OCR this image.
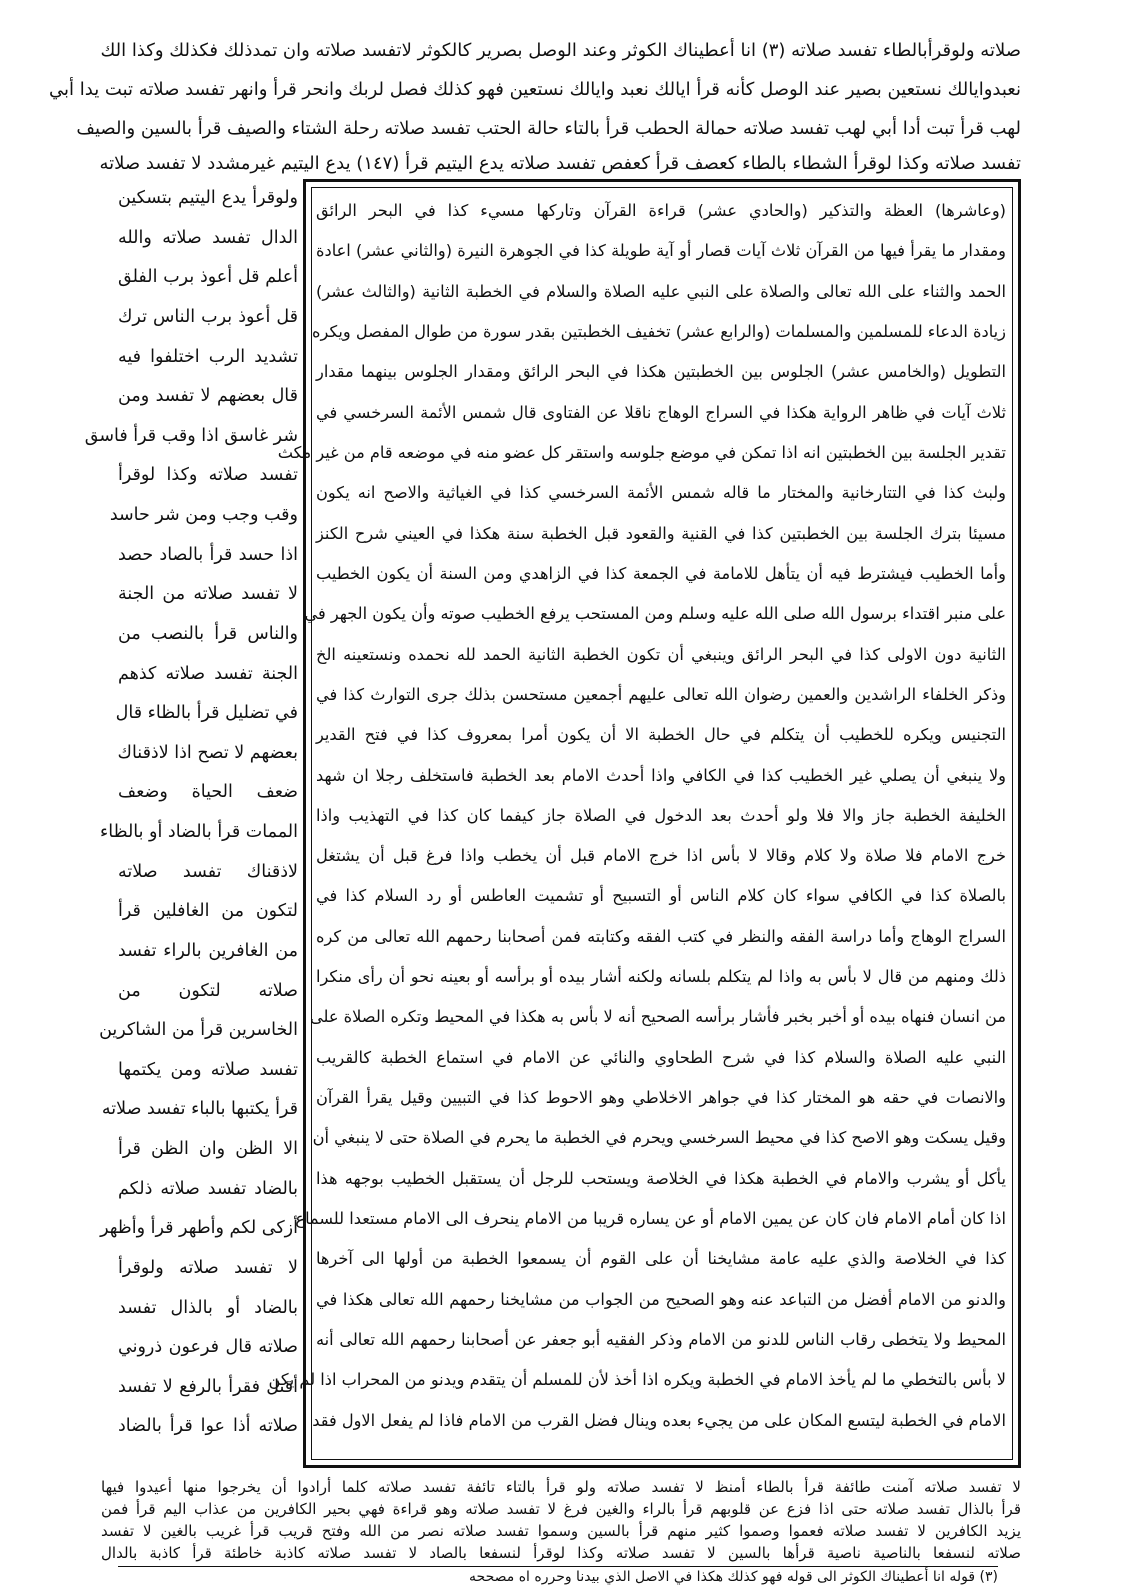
صلاته ولوقرأبالطاء تفسد صلاته (٣) انا أعطيناك الكوثر وعند الوصل بصرير كالكوثر لاتفسد صلاته وان تمدذلك فكذلك وكذا الك
نعبدوايالك نستعين بصير عند الوصل كأنه قرأ ايالك نعبد وايالك نستعين فهو كذلك فصل لربك وانحر قرأ وانهر تفسد صلاته تبت يدا أبي
لهب قرأ تبت أدا أبي لهب تفسد صلاته حمالة الحطب قرأ بالتاء حالة الحتب تفسد صلاته رحلة الشتاء والصيف قرأ بالسين والصيف
تفسد صلاته وكذا لوقرأ الشطاء بالطاء كعصف قرأ كعفص تفسد صلاته يدع اليتيم قرأ (١٤٧) يدع اليتيم غيرمشدد لا تفسد صلاته
(وعاشرها) العظة والتذكير (والحادي عشر) قراءة القرآن وتاركها مسيء كذا في البحر الرائق
ومقدار ما يقرأ فيها من القرآن ثلاث آيات قصار أو آية طويلة كذا في الجوهرة النيرة (والثاني عشر) اعادة
الحمد والثناء على الله تعالى والصلاة على النبي عليه الصلاة والسلام في الخطبة الثانية (والثالث عشر)
زيادة الدعاء للمسلمين والمسلمات (والرابع عشر) تخفيف الخطبتين بقدر سورة من طوال المفصل ويكره
التطويل (والخامس عشر) الجلوس بين الخطبتين هكذا في البحر الرائق ومقدار الجلوس بينهما مقدار
ثلاث آيات في ظاهر الرواية هكذا في السراج الوهاج ناقلا عن الفتاوى قال شمس الأئمة السرخسي في
تقدير الجلسة بين الخطبتين انه اذا تمكن في موضع جلوسه واستقر كل عضو منه في موضعه قام من غير مكث
ولبث كذا في التتارخانية والمختار ما قاله شمس الأئمة السرخسي كذا في الغياثية والاصح انه يكون
مسيئا بترك الجلسة بين الخطبتين كذا في القنية والقعود قبل الخطبة سنة هكذا في العيني شرح الكنز
وأما الخطيب فيشترط فيه أن يتأهل للامامة في الجمعة كذا في الزاهدي ومن السنة أن يكون الخطيب
على منبر اقتداء برسول الله صلى الله عليه وسلم ومن المستحب يرفع الخطيب صوته وأن يكون الجهر في
الثانية دون الاولى كذا في البحر الرائق وينبغي أن تكون الخطبة الثانية الحمد لله نحمده ونستعينه الخ
وذكر الخلفاء الراشدين والعمين رضوان الله تعالى عليهم أجمعين مستحسن بذلك جرى التوارث كذا في
التجنيس ويكره للخطيب أن يتكلم في حال الخطبة الا أن يكون أمرا بمعروف كذا في فتح القدير
ولا ينبغي أن يصلي غير الخطيب كذا في الكافي واذا أحدث الامام بعد الخطبة فاستخلف رجلا ان شهد
الخليفة الخطبة جاز والا فلا ولو أحدث بعد الدخول في الصلاة جاز كيفما كان كذا في التهذيب واذا
خرج الامام فلا صلاة ولا كلام وقالا لا بأس اذا خرج الامام قبل أن يخطب واذا فرغ قبل أن يشتغل
بالصلاة كذا في الكافي سواء كان كلام الناس أو التسبيح أو تشميت العاطس أو رد السلام كذا في
السراج الوهاج وأما دراسة الفقه والنظر في كتب الفقه وكتابته فمن أصحابنا رحمهم الله تعالى من كره
ذلك ومنهم من قال لا بأس به واذا لم يتكلم بلسانه ولكنه أشار بيده أو برأسه أو بعينه نحو أن رأى منكرا
من انسان فنهاه بيده أو أخبر بخبر فأشار برأسه الصحيح أنه لا بأس به هكذا في المحيط وتكره الصلاة على
النبي عليه الصلاة والسلام كذا في شرح الطحاوي والنائي عن الامام في استماع الخطبة كالقريب
والانصات في حقه هو المختار كذا في جواهر الاخلاطي وهو الاحوط كذا في التبيين وقيل يقرأ القرآن
وقيل يسكت وهو الاصح كذا في محيط السرخسي ويحرم في الخطبة ما يحرم في الصلاة حتى لا ينبغي أن
يأكل أو يشرب والامام في الخطبة هكذا في الخلاصة ويستحب للرجل أن يستقبل الخطيب بوجهه هذا
اذا كان أمام الامام فان كان عن يمين الامام أو عن يساره قريبا من الامام ينحرف الى الامام مستعدا للسماع
كذا في الخلاصة والذي عليه عامة مشايخنا أن على القوم أن يسمعوا الخطبة من أولها الى آخرها
والدنو من الامام أفضل من التباعد عنه وهو الصحيح من الجواب من مشايخنا رحمهم الله تعالى هكذا في
المحيط ولا يتخطى رقاب الناس للدنو من الامام وذكر الفقيه أبو جعفر عن أصحابنا رحمهم الله تعالى أنه
لا بأس بالتخطي ما لم يأخذ الامام في الخطبة ويكره اذا أخذ لأن للمسلم أن يتقدم ويدنو من المحراب اذا لم يكن
الامام في الخطبة ليتسع المكان على من يجيء بعده وينال فضل القرب من الامام فاذا لم يفعل الاول فقد
ولوقرأ يدع اليتيم بتسكين
الدال تفسد صلاته والله
أعلم قل أعوذ برب الفلق
قل أعوذ برب الناس ترك
تشديد الرب اختلفوا فيه
قال بعضهم لا تفسد ومن
شر غاسق اذا وقب قرأ فاسق
تفسد صلاته وكذا لوقرأ
وقب وجب ومن شر حاسد
اذا حسد قرأ بالصاد حصد
لا تفسد صلاته من الجنة
والناس قرأ بالنصب من
الجنة تفسد صلاته كذهم
في تضليل قرأ بالظاء قال
بعضهم لا تصح اذا لاذقناك
ضعف الحياة وضعف
الممات قرأ بالضاد أو بالظاء
لاذقناك تفسد صلاته
لتكون من الغافلين قرأ
من الغافرين بالراء تفسد
صلاته لتكون من
الخاسرين قرأ من الشاكرين
تفسد صلاته ومن يكتمها
قرأ يكتبها بالباء تفسد صلاته
الا الظن وان الظن قرأ
بالضاد تفسد صلاته ذلكم
أزكى لكم وأطهر قرأ وأظهر
لا تفسد صلاته ولوقرأ
بالضاد أو بالذال تفسد
صلاته قال فرعون ذروني
أقتل فقرأ بالرفع لا تفسد
صلاته أذا عوا قرأ بالضاد
لا تفسد صلاته آمنت طائفة قرأ بالطاء أمنظ لا تفسد صلاته ولو قرأ بالتاء تائفة تفسد صلاته كلما أرادوا أن يخرجوا منها أعيدوا فيها
قرأ بالذال تفسد صلاته حتى اذا فزع عن قلوبهم قرأ بالراء والغين فرغ لا تفسد صلاته وهو قراءة فهي بحير الكافرين من عذاب اليم قرأ فمن
يزيد الكافرين لا تفسد صلاته فعموا وصموا كثير منهم قرأ بالسين وسموا تفسد صلاته نصر من الله وفتح قريب قرأ غريب بالغين لا تفسد
صلاته لنسفعا بالناصية ناصية قرأها بالسين لا تفسد صلاته وكذا لوقرأ لنسفعا بالصاد لا تفسد صلاته كاذبة خاطئة قرأ كاذبة بالدال
(٣) قوله انا أعطيناك الكوثر الى قوله فهو كذلك هكذا في الاصل الذي بيدنا وحرره اه مصححه
